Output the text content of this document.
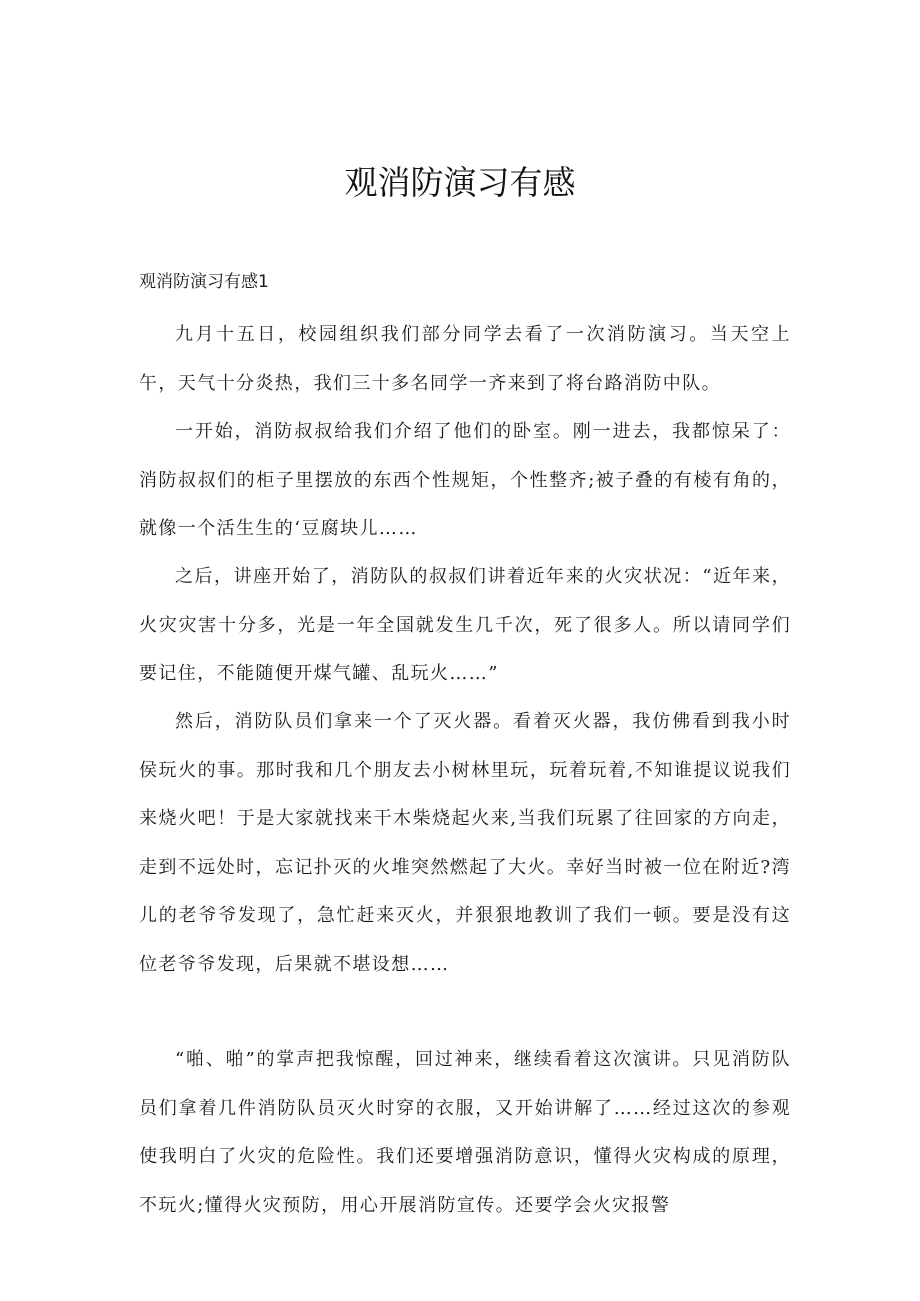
观消防演习有感
观消防演习有感1

九月十五日，校园组织我们部分同学去看了一次消防演习。当天空上午，天气十分炎热，我们三十多名同学一齐来到了将台路消防中队。

一开始，消防叔叔给我们介绍了他们的卧室。刚一进去，我都惊呆了：消防叔叔们的柜子里摆放的东西个性规矩，个性整齐;被子叠的有棱有角的，就像一个活生生的‘豆腐块儿……

之后，讲座开始了，消防队的叔叔们讲着近年来的火灾状况：“近年来，火灾灾害十分多，光是一年全国就发生几千次，死了很多人。所以请同学们要记住，不能随便开煤气罐、乱玩火……”

然后，消防队员们拿来一个了灭火器。看着灭火器，我仿佛看到我小时侯玩火的事。那时我和几个朋友去小树林里玩，玩着玩着,不知谁提议说我们来烧火吧！于是大家就找来干木柴烧起火来,当我们玩累了往回家的方向走，走到不远处时，忘记扑灭的火堆突然燃起了大火。幸好当时被一位在附近?湾儿的老爷爷发现了，急忙赶来灭火，并狠狠地教训了我们一顿。要是没有这位老爷爷发现，后果就不堪设想……

“啪、啪”的掌声把我惊醒，回过神来，继续看着这次演讲。只见消防队员们拿着几件消防队员灭火时穿的衣服，又开始讲解了……经过这次的参观使我明白了火灾的危险性。我们还要增强消防意识，懂得火灾构成的原理，不玩火;懂得火灾预防，用心开展消防宣传。还要学会火灾报警
